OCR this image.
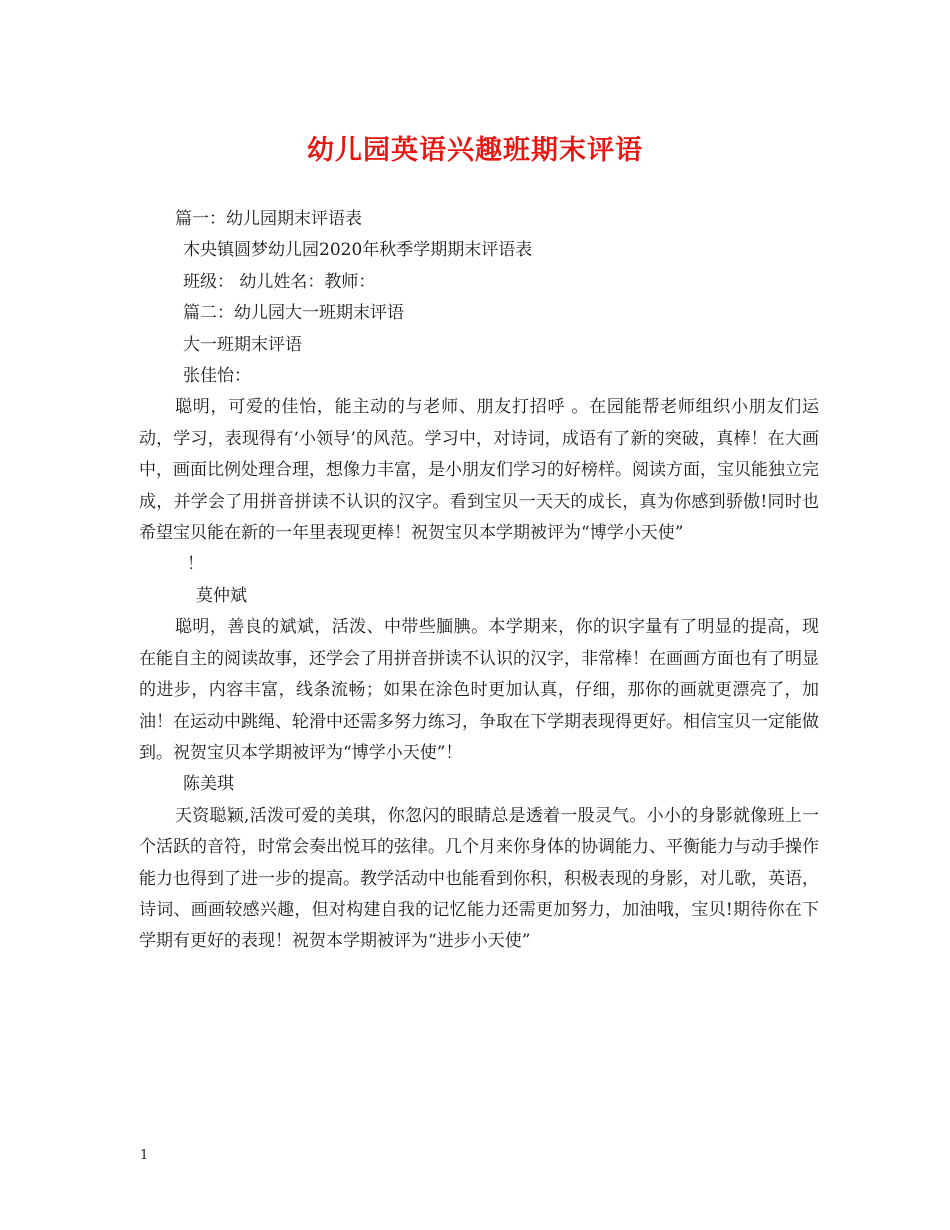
幼儿园英语兴趣班期末评语

篇一：幼儿园期末评语表

木央镇圆梦幼儿园2020年秋季学期期末评语表

班级： 幼儿姓名：教师：

篇二：幼儿园大一班期末评语

大一班期末评语

张佳怡：

聪明，可爱的佳怡，能主动的与老师、朋友打招呼 。在园能帮老师组织小朋友们运动，学习，表现得有‘小领导’的风范。学习中，对诗词，成语有了新的突破，真棒！在大画中，画面比例处理合理，想像力丰富，是小朋友们学习的好榜样。阅读方面，宝贝能独立完成，并学会了用拼音拼读不认识的汉字。看到宝贝一天天的成长，真为你感到骄傲!同时也希望宝贝能在新的一年里表现更棒！祝贺宝贝本学期被评为“博学小天使”

！

莫仲斌

聪明，善良的斌斌，活泼、中带些腼腆。本学期来，你的识字量有了明显的提高，现在能自主的阅读故事，还学会了用拼音拼读不认识的汉字，非常棒！在画画方面也有了明显的进步，内容丰富，线条流畅；如果在涂色时更加认真，仔细，那你的画就更漂亮了，加油！在运动中跳绳、轮滑中还需多努力练习，争取在下学期表现得更好。相信宝贝一定能做到。祝贺宝贝本学期被评为“博学小天使”！

陈美琪

天资聪颖,活泼可爱的美琪，你忽闪的眼睛总是透着一股灵气。小小的身影就像班上一个活跃的音符，时常会奏出悦耳的弦律。几个月来你身体的协调能力、平衡能力与动手操作能力也得到了进一步的提高。教学活动中也能看到你积，积极表现的身影，对儿歌，英语，诗词、画画较感兴趣，但对构建自我的记忆能力还需更加努力，加油哦，宝贝!期待你在下学期有更好的表现！祝贺本学期被评为“进步小天使”

1
